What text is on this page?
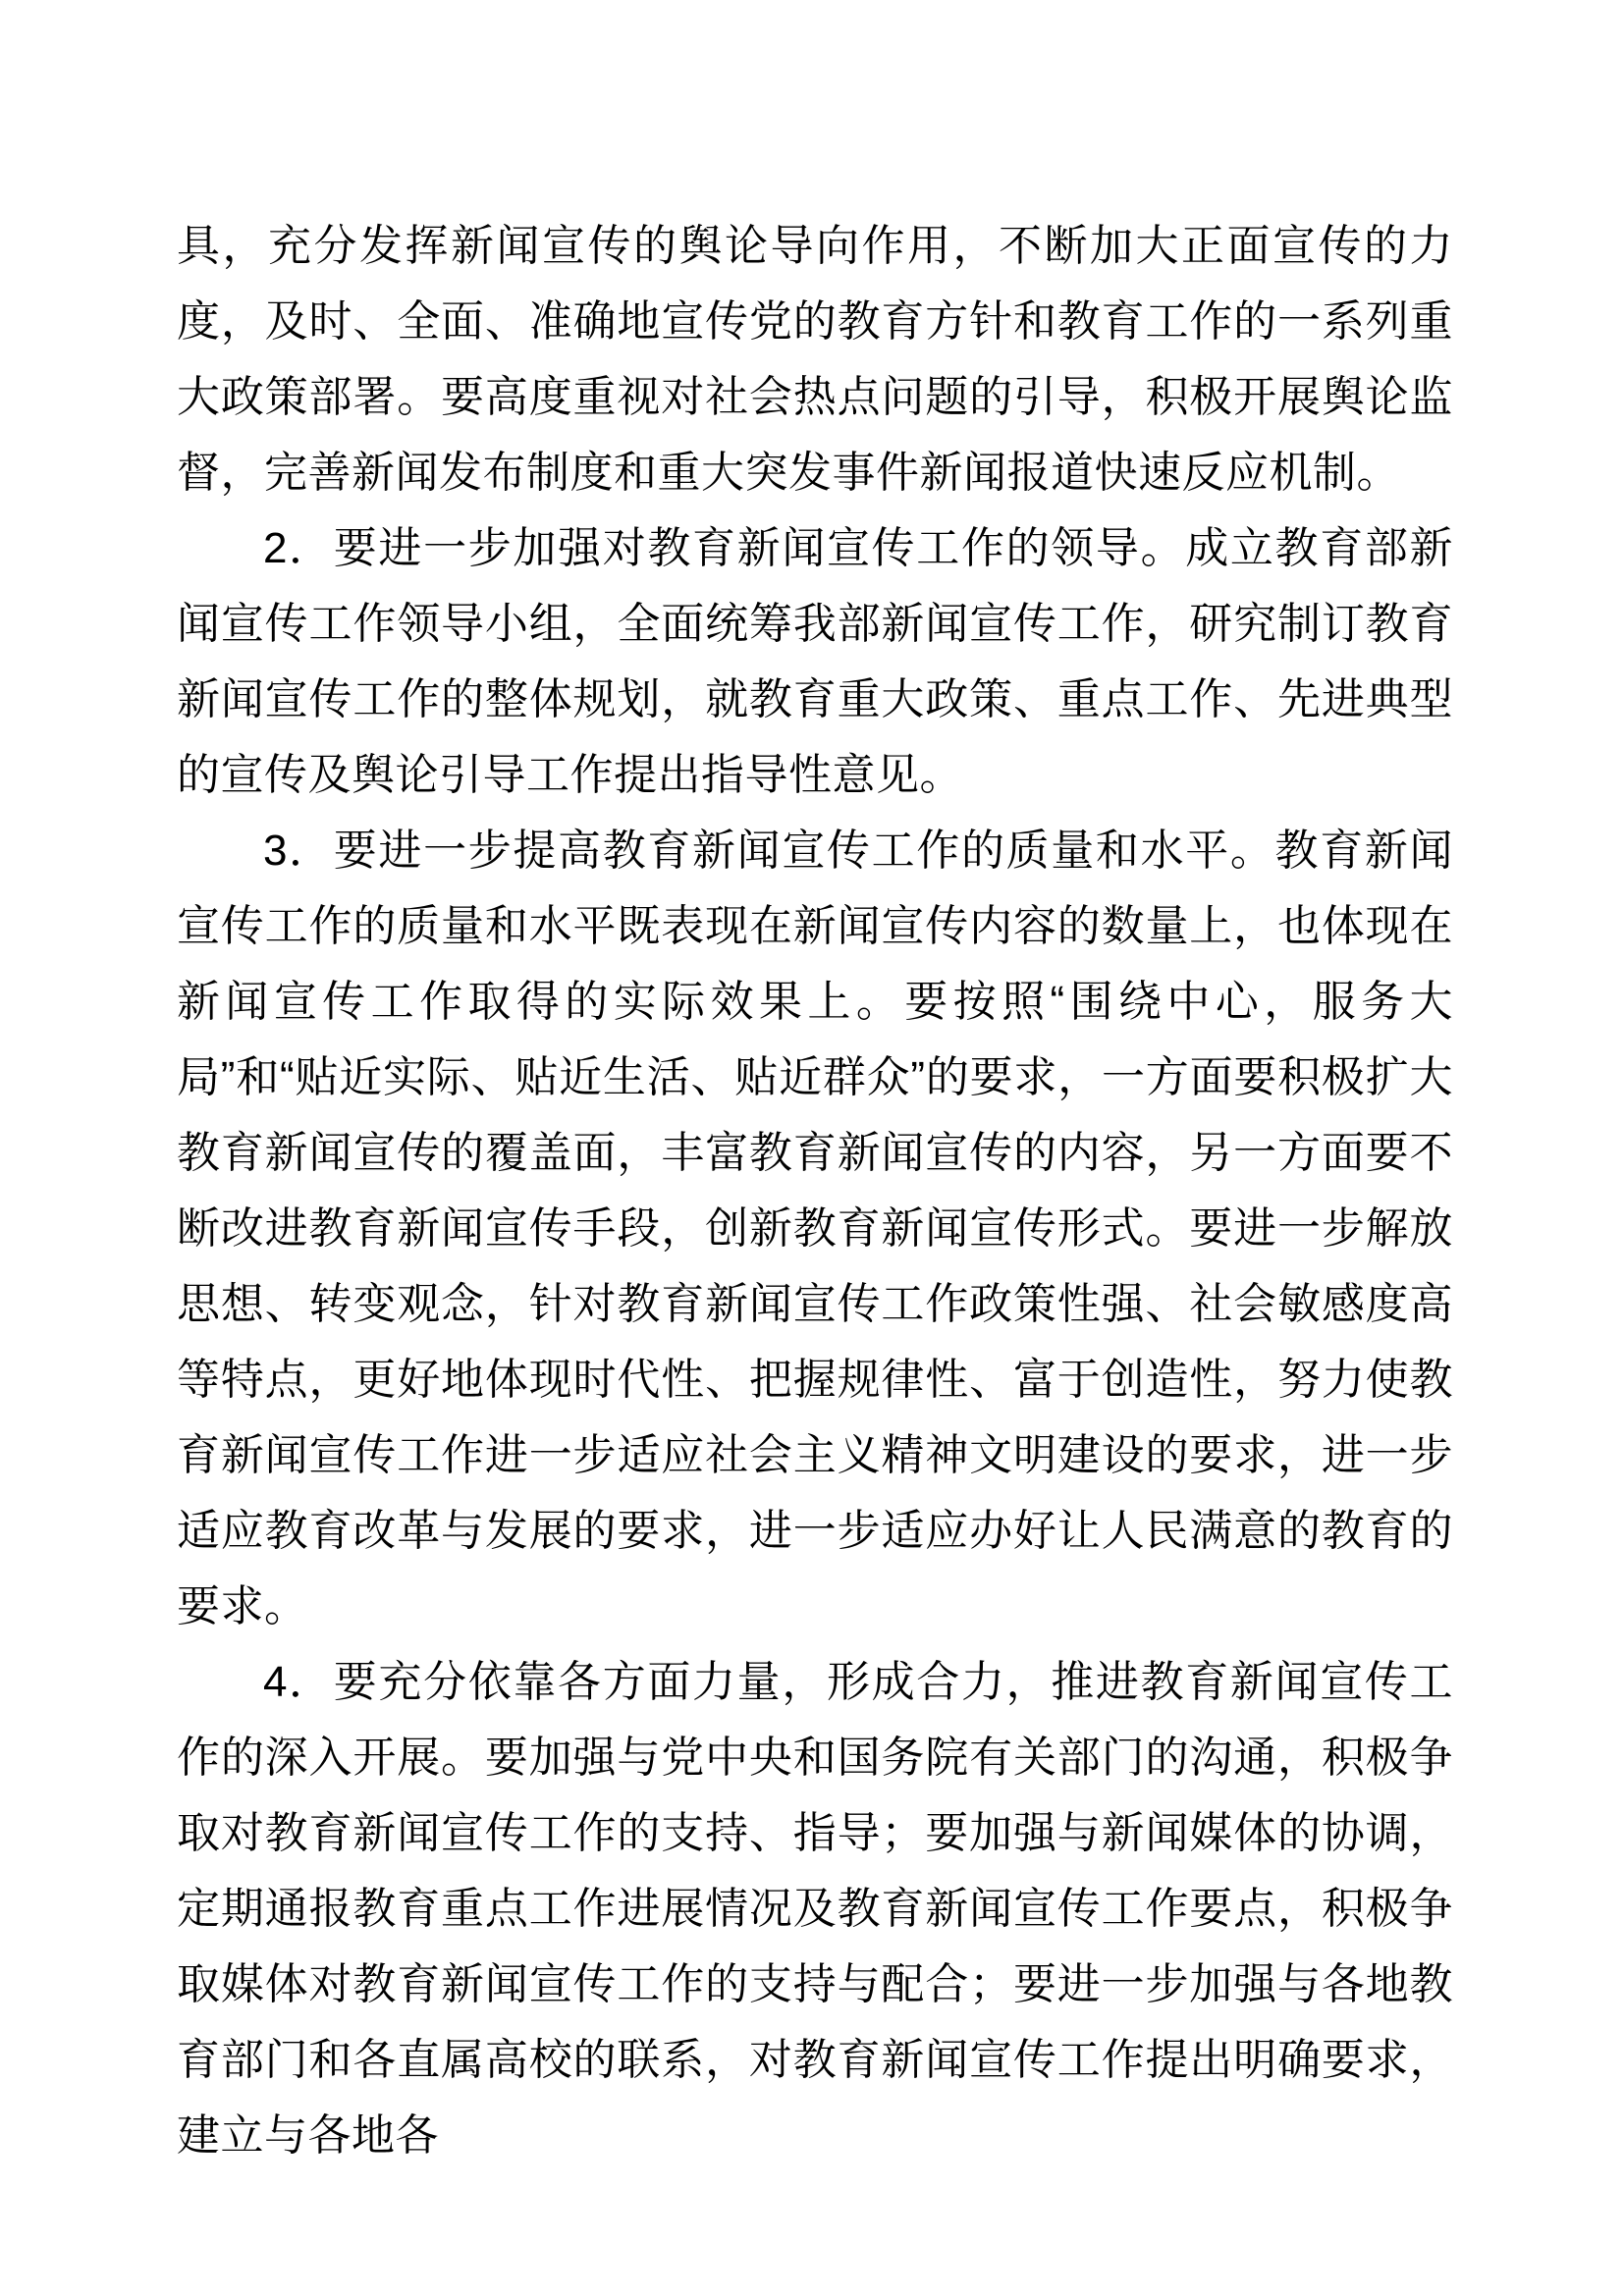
具，充分发挥新闻宣传的舆论导向作用，不断加大正面宣传的力度，及时、全面、准确地宣传党的教育方针和教育工作的一系列重大政策部署。要高度重视对社会热点问题的引导，积极开展舆论监督，完善新闻发布制度和重大突发事件新闻报道快速反应机制。

2．要进一步加强对教育新闻宣传工作的领导。成立教育部新闻宣传工作领导小组，全面统筹我部新闻宣传工作，研究制订教育新闻宣传工作的整体规划，就教育重大政策、重点工作、先进典型的宣传及舆论引导工作提出指导性意见。

3．要进一步提高教育新闻宣传工作的质量和水平。教育新闻宣传工作的质量和水平既表现在新闻宣传内容的数量上，也体现在新闻宣传工作取得的实际效果上。要按照“围绕中心，服务大局”和“贴近实际、贴近生活、贴近群众”的要求，一方面要积极扩大教育新闻宣传的覆盖面，丰富教育新闻宣传的内容，另一方面要不断改进教育新闻宣传手段，创新教育新闻宣传形式。要进一步解放思想、转变观念，针对教育新闻宣传工作政策性强、社会敏感度高等特点，更好地体现时代性、把握规律性、富于创造性，努力使教育新闻宣传工作进一步适应社会主义精神文明建设的要求，进一步适应教育改革与发展的要求，进一步适应办好让人民满意的教育的要求。

4．要充分依靠各方面力量，形成合力，推进教育新闻宣传工作的深入开展。要加强与党中央和国务院有关部门的沟通，积极争取对教育新闻宣传工作的支持、指导；要加强与新闻媒体的协调，定期通报教育重点工作进展情况及教育新闻宣传工作要点，积极争取媒体对教育新闻宣传工作的支持与配合；要进一步加强与各地教育部门和各直属高校的联系，对教育新闻宣传工作提出明确要求，建立与各地各
